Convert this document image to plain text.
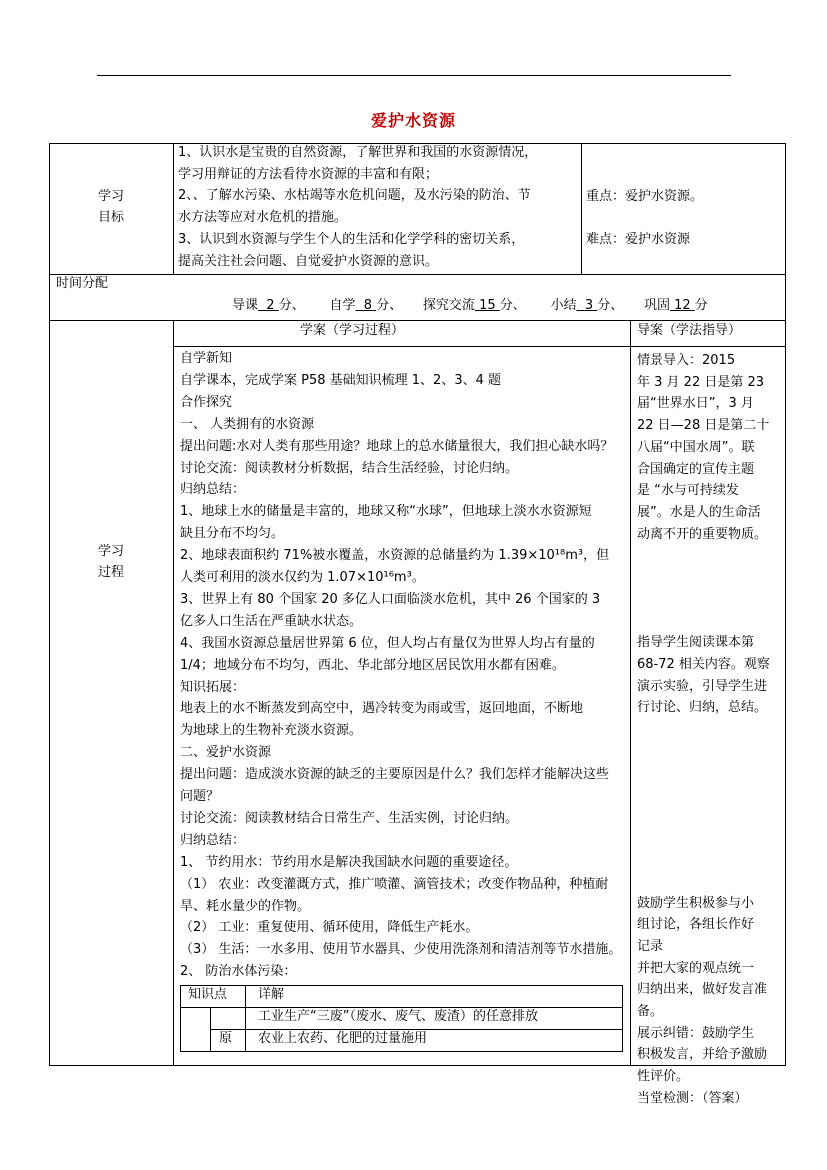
爱护水资源
学习
目标
1、认识水是宝贵的自然资源，了解世界和我国的水资源情况，
学习用辩证的方法看待水资源的丰富和有限；
2、、了解水污染、水枯竭等水危机问题，及水污染的防治、节
水方法等应对水危机的措施。
3、认识到水资源与学生个人的生活和化学学科的密切关系，
提高关注社会问题、自觉爱护水资源的意识。
重点：爱护水资源。
难点：爱护水资源
时间分配
导课 2 分、 自学 8 分、 探究交流 15 分、 小结 3 分、 巩固 12 分
学习
过程
学案（学习过程）	导案（学法指导）
自学新知
自学课本，完成学案 P58 基础知识梳理 1、2、3、4 题
合作探究
一、 人类拥有的水资源
提出问题:水对人类有那些用途？地球上的总水储量很大，我们担心缺水吗？
讨论交流：阅读教材分析数据，结合生活经验，讨论归纳。
归纳总结：
1、地球上水的储量是丰富的，地球又称“水球”，但地球上淡水水资源短
缺且分布不均匀。
2、地球表面积约 71%被水覆盖，水资源的总储量约为 1.39×10¹⁸m³，但
人类可利用的淡水仅约为 1.07×10¹⁶m³。
3、世界上有 80 个国家 20 多亿人口面临淡水危机，其中 26 个国家的 3
亿多人口生活在严重缺水状态。
4、我国水资源总量居世界第 6 位，但人均占有量仅为世界人均占有量的
1/4；地域分布不均匀，西北、华北部分地区居民饮用水都有困难。
知识拓展：
地表上的水不断蒸发到高空中，遇冷转变为雨或雪，返回地面，不断地
为地球上的生物补充淡水资源。
二、爱护水资源
提出问题：造成淡水资源的缺乏的主要原因是什么？我们怎样才能解决这些
问题？
讨论交流：阅读教材结合日常生产、生活实例，讨论归纳。
归纳总结：
1、 节约用水：节约用水是解决我国缺水问题的重要途径。
（1） 农业：改变灌溉方式，推广喷灌、滴管技术；改变作物品种，种植耐
旱、耗水量少的作物。
（2） 工业：重复使用、循环使用，降低生产耗水。
（3） 生活：一水多用、使用节水器具、少使用洗涤剂和清洁剂等节水措施。
2、 防治水体污染：
情景导入：2015
年 3 月 22 日是第 23
届“世界水日”，3 月
22 日—28 日是第二十
八届“中国水周”。联
合国确定的宣传主题
是 “水与可持续发
展”。水是人的生命活
动离不开的重要物质。
指导学生阅读课本第
68-72 相关内容。观察
演示实验，引导学生进
行讨论、归纳，总结。
鼓励学生积极参与小
组讨论，各组长作好
记录
并把大家的观点统一
归纳出来，做好发言准
备。
展示纠错：鼓励学生
积极发言，并给予激励
性评价。
当堂检测：（答案）
知识点 详解
原
工业生产“三废”（废水、废气、废渣）的任意排放
农业上农药、化肥的过量施用
